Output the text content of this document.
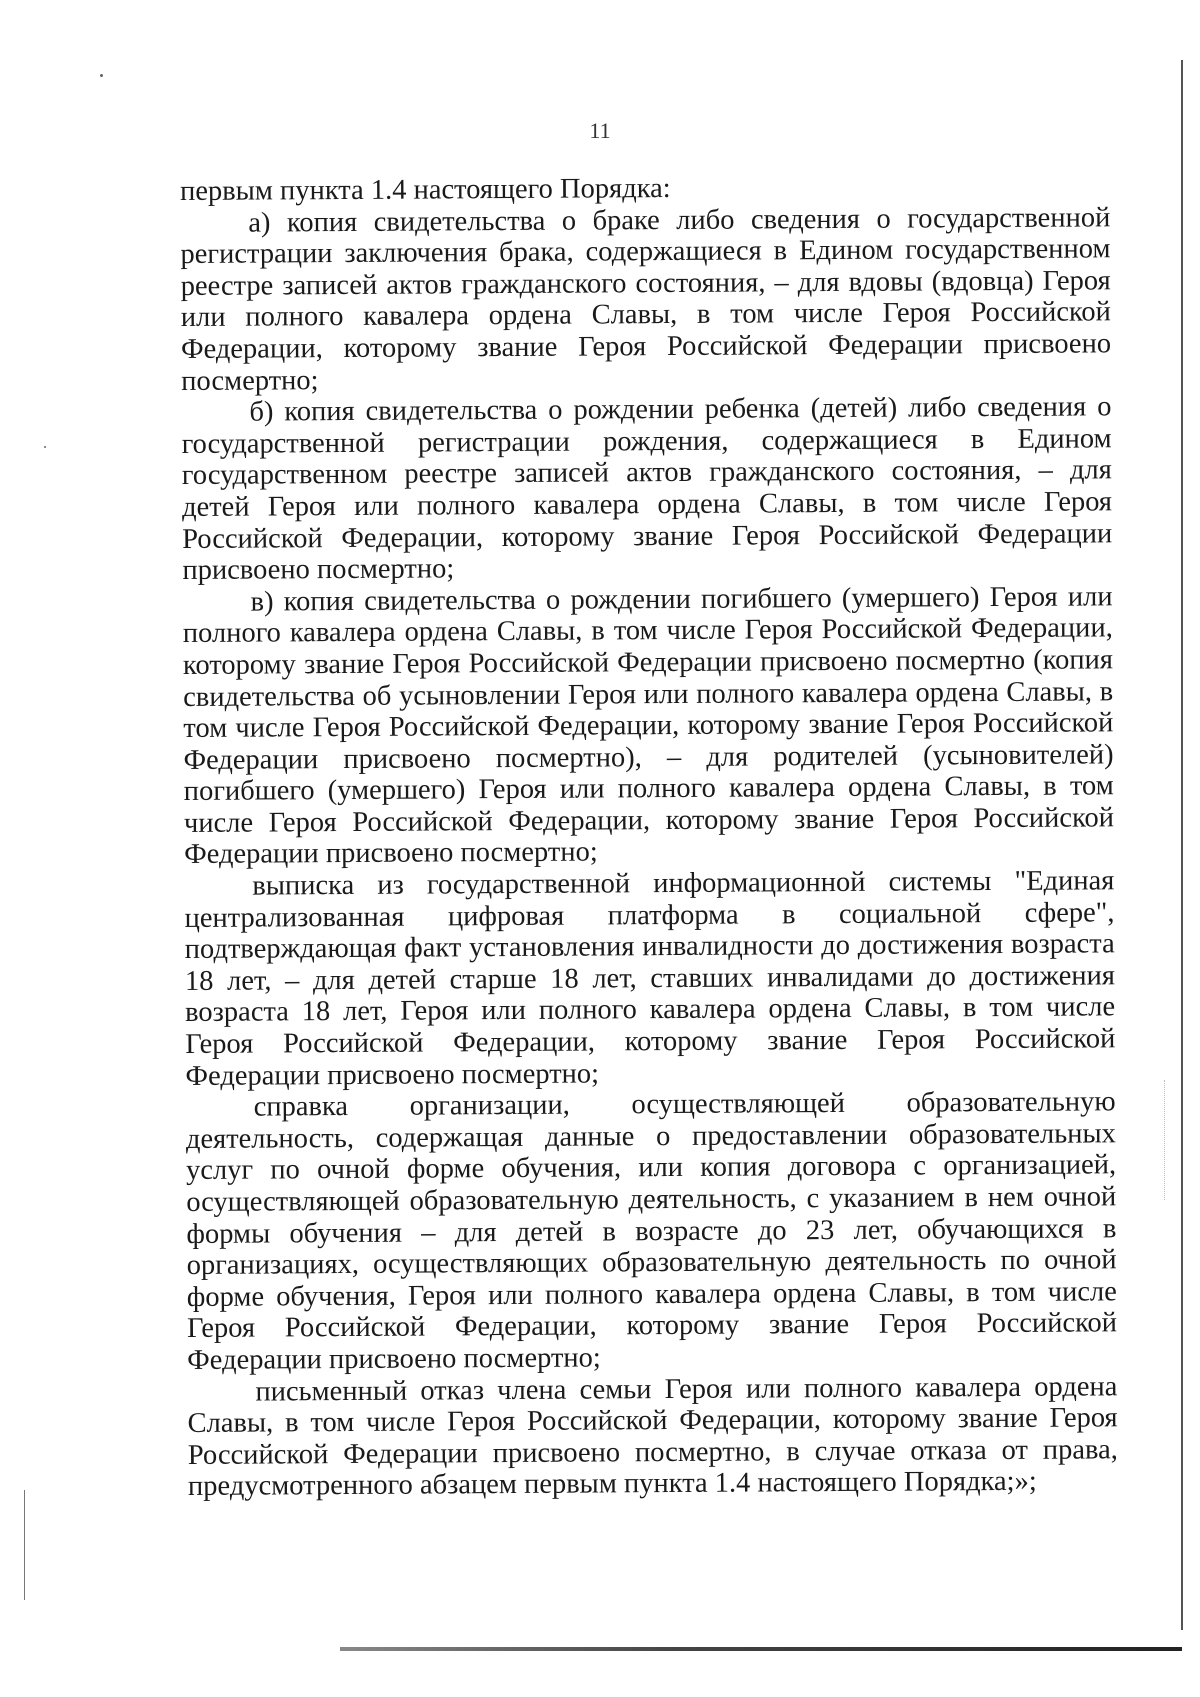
11

первым пункта 1.4 настоящего Порядка:

а) копия свидетельства о браке либо сведения о государственной регистрации заключения брака, содержащиеся в Едином государственном реестре записей актов гражданского состояния, – для вдовы (вдовца) Героя или полного кавалера ордена Славы, в том числе Героя Российской Федерации, которому звание Героя Российской Федерации присвоено посмертно;

б) копия свидетельства о рождении ребенка (детей) либо сведения о государственной регистрации рождения, содержащиеся в Едином государственном реестре записей актов гражданского состояния, – для детей Героя или полного кавалера ордена Славы, в том числе Героя Российской Федерации, которому звание Героя Российской Федерации присвоено посмертно;

в) копия свидетельства о рождении погибшего (умершего) Героя или полного кавалера ордена Славы, в том числе Героя Российской Федерации, которому звание Героя Российской Федерации присвоено посмертно (копия свидетельства об усыновлении Героя или полного кавалера ордена Славы, в том числе Героя Российской Федерации, которому звание Героя Российской Федерации присвоено посмертно), – для родителей (усыновителей) погибшего (умершего) Героя или полного кавалера ордена Славы, в том числе Героя Российской Федерации, которому звание Героя Российской Федерации присвоено посмертно;

выписка из государственной информационной системы "Единая централизованная цифровая платформа в социальной сфере", подтверждающая факт установления инвалидности до достижения возраста 18 лет, – для детей старше 18 лет, ставших инвалидами до достижения возраста 18 лет, Героя или полного кавалера ордена Славы, в том числе Героя Российской Федерации, которому звание Героя Российской Федерации присвоено посмертно;

справка организации, осуществляющей образовательную деятельность, содержащая данные о предоставлении образовательных услуг по очной форме обучения, или копия договора с организацией, осуществляющей образовательную деятельность, с указанием в нем очной формы обучения – для детей в возрасте до 23 лет, обучающихся в организациях, осуществляющих образовательную деятельность по очной форме обучения, Героя или полного кавалера ордена Славы, в том числе Героя Российской Федерации, которому звание Героя Российской Федерации присвоено посмертно;

письменный отказ члена семьи Героя или полного кавалера ордена Славы, в том числе Героя Российской Федерации, которому звание Героя Российской Федерации присвоено посмертно, в случае отказа от права, предусмотренного абзацем первым пункта 1.4 настоящего Порядка;»;
